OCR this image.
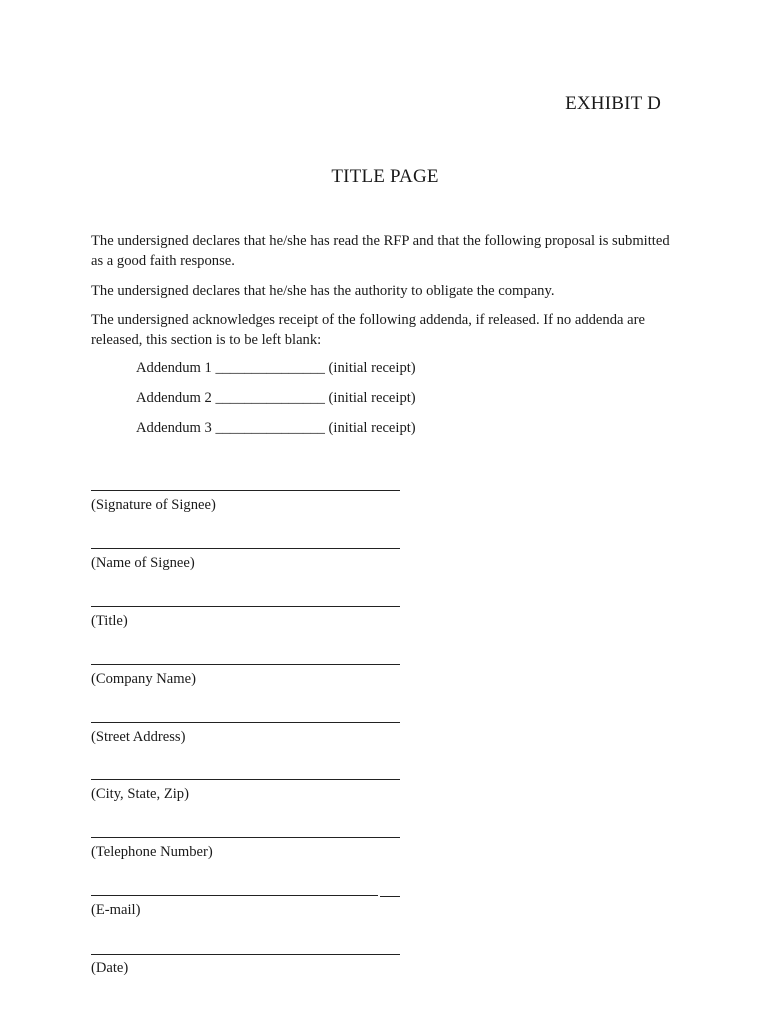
EXHIBIT D
TITLE PAGE
The undersigned declares that he/she has read the RFP and that the following proposal is submitted as a good faith response.
The undersigned declares that he/she has the authority to obligate the company.
The undersigned acknowledges receipt of the following addenda, if released. If no addenda are released, this section is to be left blank:
Addendum 1 _______________ (initial receipt)
Addendum 2 _______________ (initial receipt)
Addendum 3 _______________ (initial receipt)
(Signature of Signee)
(Name of Signee)
(Title)
(Company Name)
(Street Address)
(City, State, Zip)
(Telephone Number)
(E-mail)
(Date)
